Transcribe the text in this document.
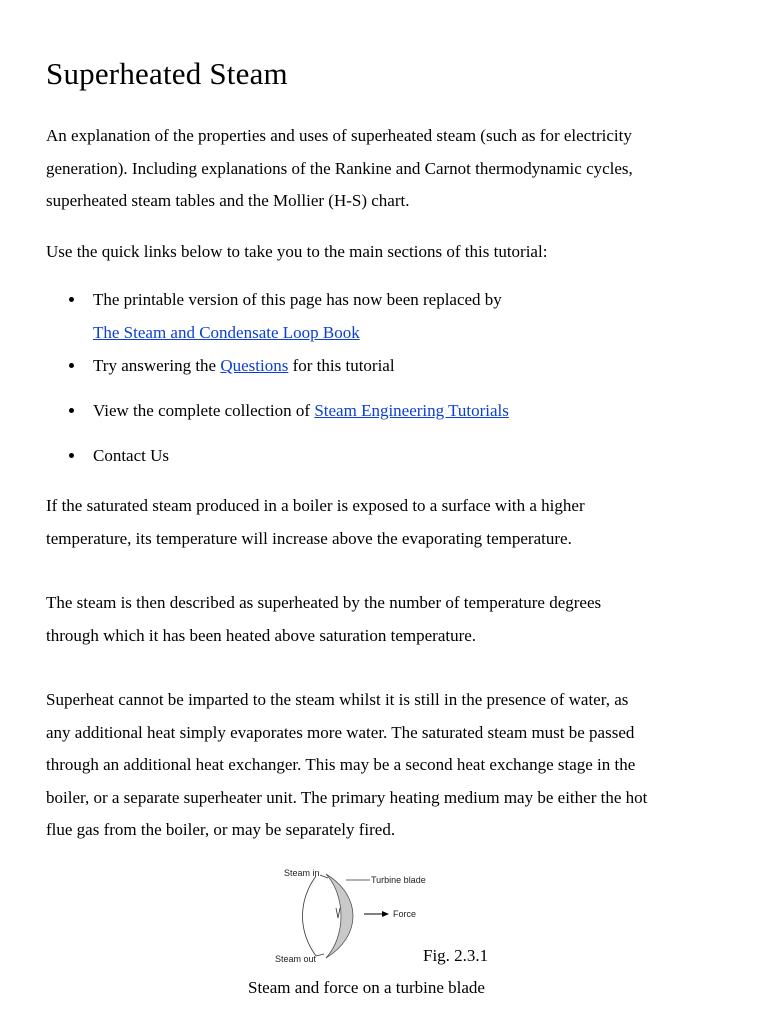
Superheated Steam

An explanation of the properties and uses of superheated steam (such as for electricity
generation). Including explanations of the Rankine and Carnot thermodynamic cycles,
superheated steam tables and the Mollier (H-S) chart.

Use the quick links below to take you to the main sections of this tutorial:

The printable version of this page has now been replaced by
The Steam and Condensate Loop Book
Try answering the Questions for this tutorial
View the complete collection of Steam Engineering Tutorials
Contact Us

If the saturated steam produced in a boiler is exposed to a surface with a higher
temperature, its temperature will increase above the evaporating temperature.

The steam is then described as superheated by the number of temperature degrees
through which it has been heated above saturation temperature.

Superheat cannot be imparted to the steam whilst it is still in the presence of water, as
any additional heat simply evaporates more water. The saturated steam must be passed
through an additional heat exchanger. This may be a second heat exchange stage in the
boiler, or a separate superheater unit. The primary heating medium may be either the hot
flue gas from the boiler, or may be separately fired.

Steam in
Turbine blade
Force
Steam out	Fig. 2.3.1
Steam and force on a turbine blade
